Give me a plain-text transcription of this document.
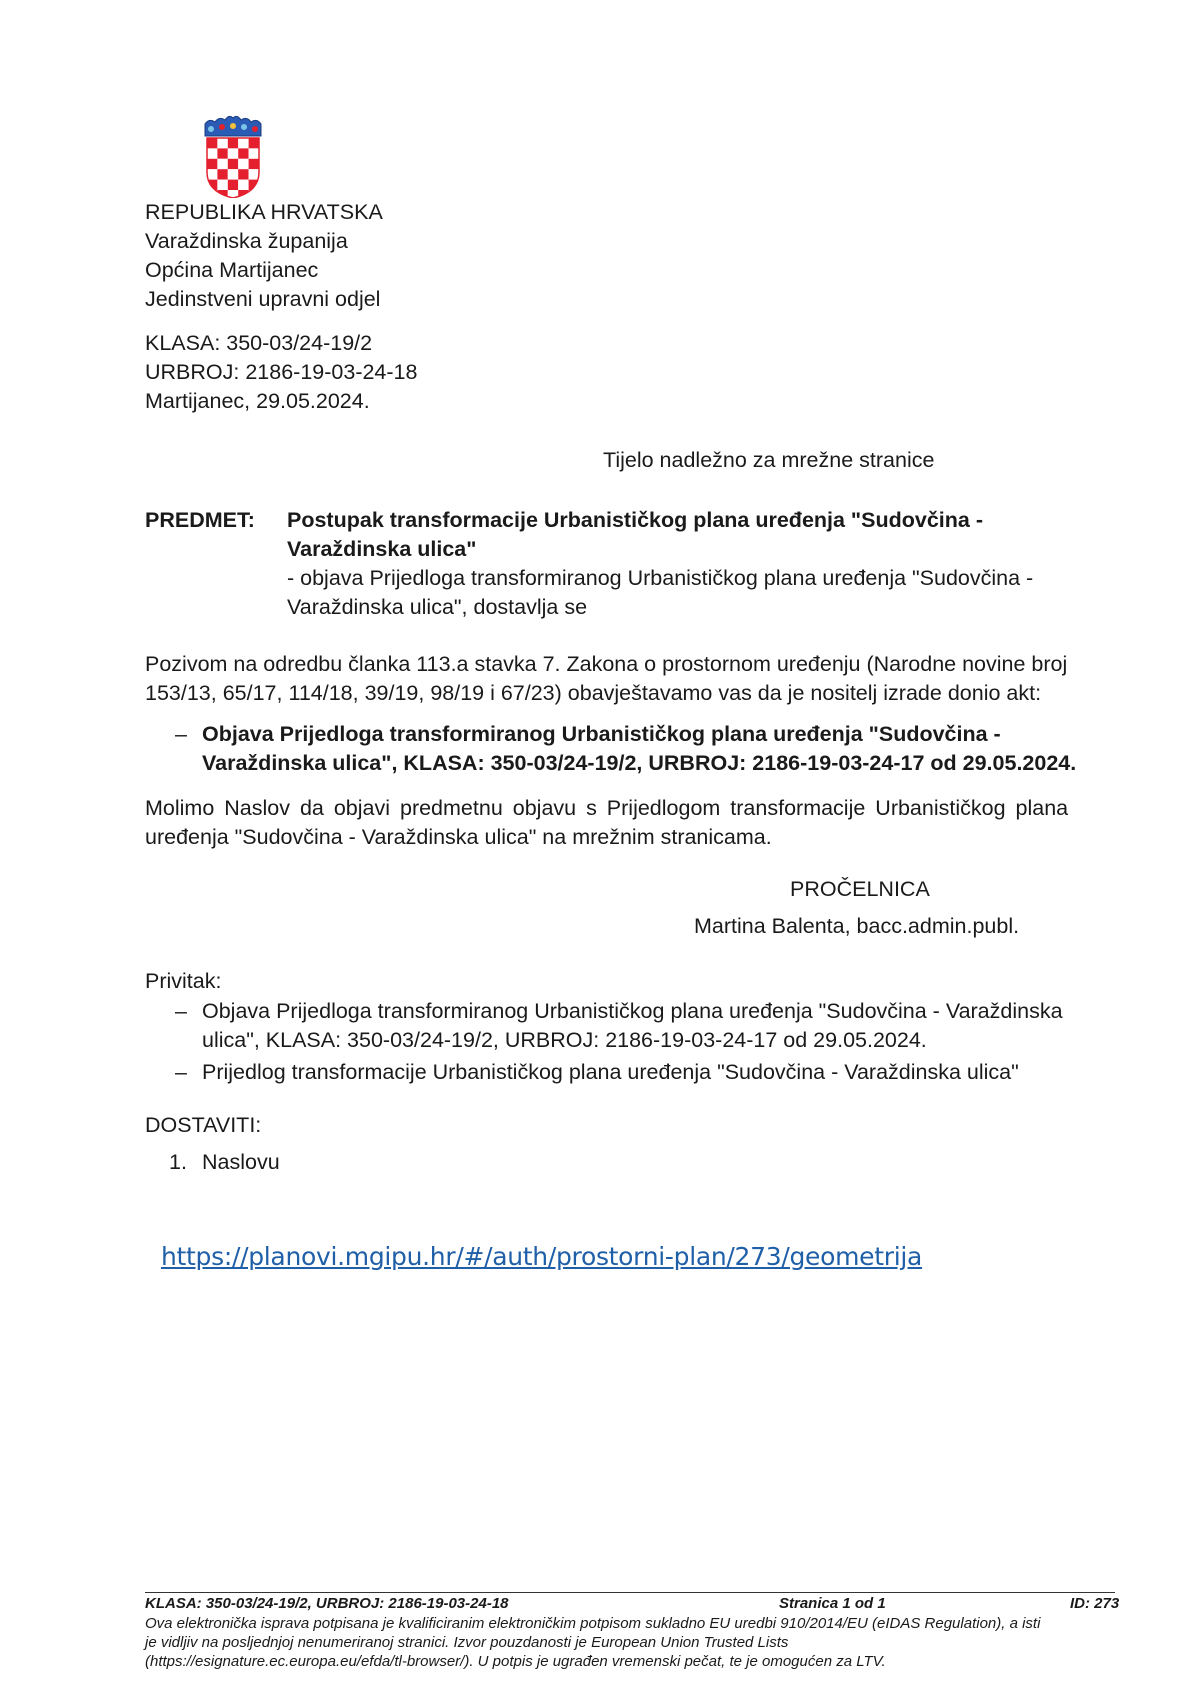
REPUBLIKA HRVATSKA
Varaždinska županija
Općina Martijanec
Jedinstveni upravni odjel
KLASA: 350-03/24-19/2
URBROJ: 2186-19-03-24-18
Martijanec, 29.05.2024.
Tijelo nadležno za mrežne stranice
PREDMET: Postupak transformacije Urbanističkog plana uređenja "Sudovčina -
Varaždinska ulica"
- objava Prijedloga transformiranog Urbanističkog plana uređenja "Sudovčina -
Varaždinska ulica", dostavlja se
Pozivom na odredbu članka 113.a stavka 7. Zakona o prostornom uređenju (Narodne novine broj
153/13, 65/17, 114/18, 39/19, 98/19 i 67/23) obavještavamo vas da je nositelj izrade donio akt:
– Objava Prijedloga transformiranog Urbanističkog plana uređenja "Sudovčina -
Varaždinska ulica", KLASA: 350-03/24-19/2, URBROJ: 2186-19-03-24-17 od 29.05.2024.
Molimo Naslov da objavi predmetnu objavu s Prijedlogom transformacije Urbanističkog plana
uređenja "Sudovčina - Varaždinska ulica" na mrežnim stranicama.
PROČELNICA
Martina Balenta, bacc.admin.publ.
Privitak:
– Objava Prijedloga transformiranog Urbanističkog plana uređenja "Sudovčina - Varaždinska
ulica", KLASA: 350-03/24-19/2, URBROJ: 2186-19-03-24-17 od 29.05.2024.
– Prijedlog transformacije Urbanističkog plana uređenja "Sudovčina - Varaždinska ulica"
DOSTAVITI:
1. Naslovu
https://planovi.mgipu.hr/#/auth/prostorni-plan/273/geometrija
KLASA: 350-03/24-19/2, URBROJ: 2186-19-03-24-18	Stranica 1 od 1	ID: 273
Ova elektronička isprava potpisana je kvalificiranim elektroničkim potpisom sukladno EU uredbi 910/2014/EU (eIDAS Regulation), a isti
je vidljiv na posljednjoj nenumeriranoj stranici. Izvor pouzdanosti je European Union Trusted Lists
(https://esignature.ec.europa.eu/efda/tl-browser/). U potpis je ugrađen vremenski pečat, te je omogućen za LTV.
